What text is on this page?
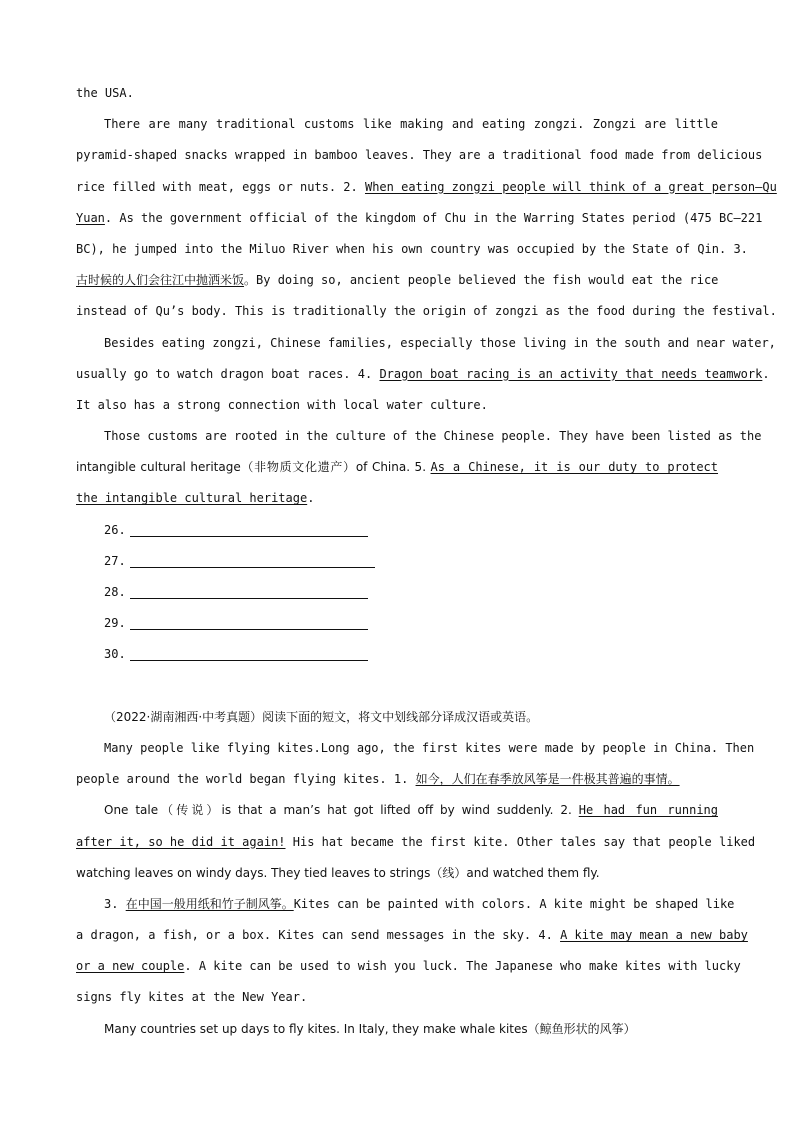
the USA.
There are many traditional customs like making and eating zongzi. Zongzi are little
pyramid-shaped snacks wrapped in bamboo leaves. They are a traditional food made from delicious
rice filled with meat, eggs or nuts. 2. When eating zongzi people will think of a great person—Qu
Yuan. As the government official of the kingdom of Chu in the Warring States period (475 BC—221
BC), he jumped into the Miluo River when his own country was occupied by the State of Qin. 3.
古时候的人们会往江中抛洒米饭。By doing so, ancient people believed the fish would eat the rice
instead of Qu’s body. This is traditionally the origin of zongzi as the food during the festival.
Besides eating zongzi, Chinese families, especially those living in the south and near water,
usually go to watch dragon boat races. 4. Dragon boat racing is an activity that needs teamwork.
It also has a strong connection with local water culture.
Those customs are rooted in the culture of the Chinese people. They have been listed as the
intangible cultural heritage（非物质文化遗产）of China. 5. As a Chinese, it is our duty to protect
the intangible cultural heritage.
26.
27.
28.
29.
30.
（2022·湖南湘西·中考真题）阅读下面的短文，将文中划线部分译成汉语或英语。
Many people like flying kites.Long ago, the first kites were made by people in China. Then
people around the world began flying kites. 1. 如今，人们在春季放风筝是一件极其普遍的事情。
One tale（传说）is that a man’s hat got lifted off by wind suddenly. 2. He had fun running
after it, so he did it again! His hat became the first kite. Other tales say that people liked
watching leaves on windy days. They tied leaves to strings（线）and watched them fly.
3. 在中国一般用纸和竹子制风筝。Kites can be painted with colors. A kite might be shaped like
a dragon, a fish, or a box. Kites can send messages in the sky. 4. A kite may mean a new baby
or a new couple. A kite can be used to wish you luck. The Japanese who make kites with lucky
signs fly kites at the New Year.
Many countries set up days to fly kites. In Italy, they make whale kites（鲸鱼形状的风筝）
